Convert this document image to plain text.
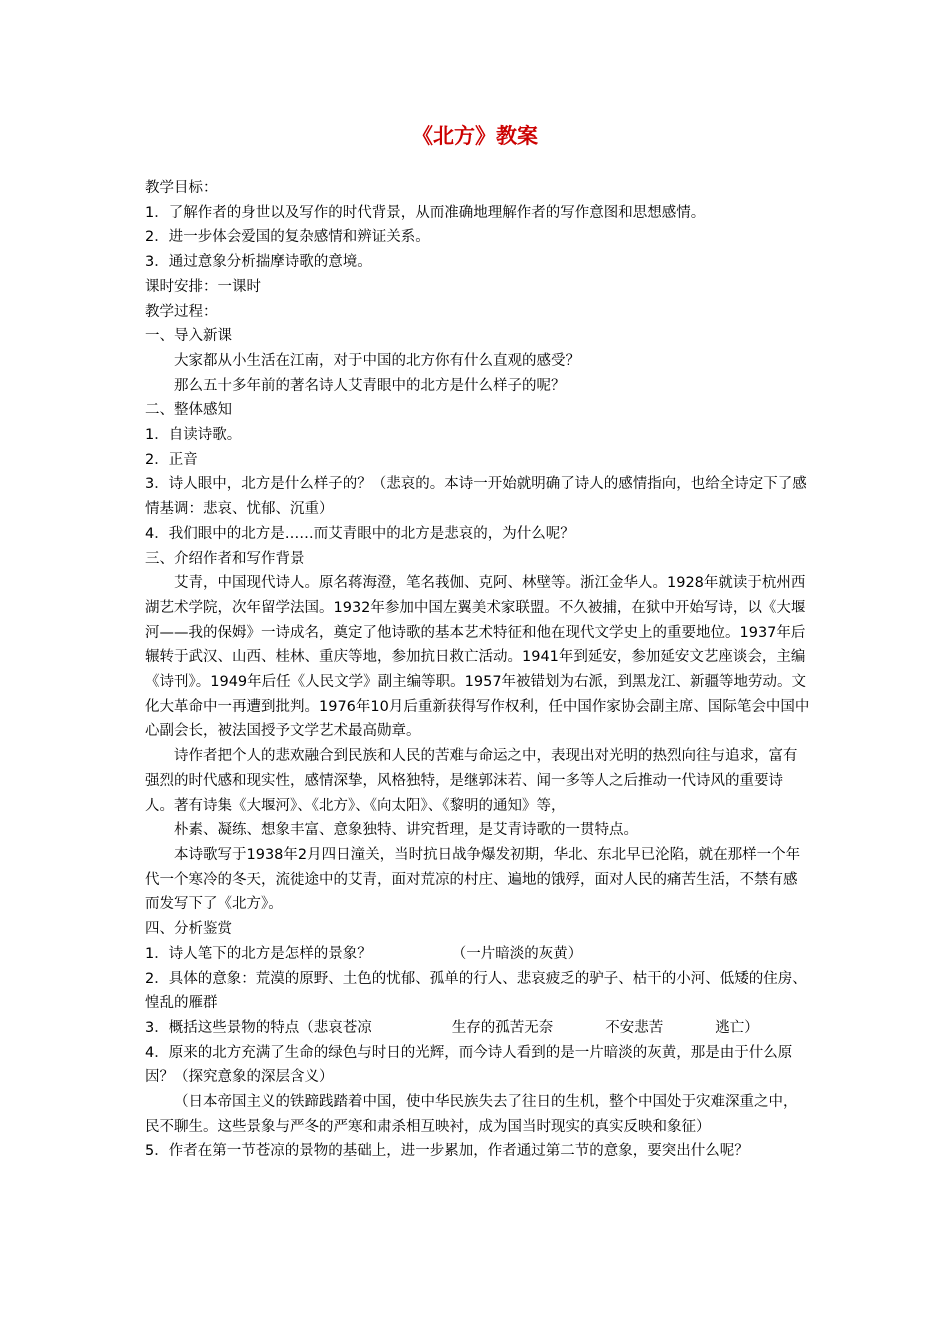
《北方》教案

教学目标：

1．了解作者的身世以及写作的时代背景，从而准确地理解作者的写作意图和思想感情。

2．进一步体会爱国的复杂感情和辨证关系。

3．通过意象分析揣摩诗歌的意境。

课时安排：一课时

教学过程：

一、导入新课

大家都从小生活在江南，对于中国的北方你有什么直观的感受？

那么五十多年前的著名诗人艾青眼中的北方是什么样子的呢？

二、整体感知

1．自读诗歌。

2．正音

3．诗人眼中，北方是什么样子的？（悲哀的。本诗一开始就明确了诗人的感情指向，也给全诗定下了感情基调：悲哀、忧郁、沉重）

4．我们眼中的北方是……而艾青眼中的北方是悲哀的，为什么呢？

三、介绍作者和写作背景

艾青，中国现代诗人。原名蒋海澄，笔名莪伽、克阿、林壁等。浙江金华人。1928年就读于杭州西湖艺术学院，次年留学法国。1932年参加中国左翼美术家联盟。不久被捕，在狱中开始写诗，以《大堰河——我的保姆》一诗成名，奠定了他诗歌的基本艺术特征和他在现代文学史上的重要地位。1937年后辗转于武汉、山西、桂林、重庆等地，参加抗日救亡活动。1941年到延安，参加延安文艺座谈会，主编《诗刊》。1949年后任《人民文学》副主编等职。1957年被错划为右派，到黑龙江、新疆等地劳动。文化大革命中一再遭到批判。1976年10月后重新获得写作权利，任中国作家协会副主席、国际笔会中国中心副会长，被法国授予文学艺术最高勋章。

诗作者把个人的悲欢融合到民族和人民的苦难与命运之中，表现出对光明的热烈向往与追求，富有强烈的时代感和现实性，感情深挚，风格独特，是继郭沫若、闻一多等人之后推动一代诗风的重要诗人。著有诗集《大堰河》、《北方》、《向太阳》、《黎明的通知》等，

朴素、凝练、想象丰富、意象独特、讲究哲理，是艾青诗歌的一贯特点。

本诗歌写于1938年2月四日潼关，当时抗日战争爆发初期，华北、东北早已沦陷，就在那样一个年代一个寒冷的冬天，流徙途中的艾青，面对荒凉的村庄、遍地的饿殍，面对人民的痛苦生活，不禁有感而发写下了《北方》。

四、分析鉴赏

1．诗人笔下的北方是怎样的景象？	（一片暗淡的灰黄）

2．具体的意象：荒漠的原野、土色的忧郁、孤单的行人、悲哀疲乏的驴子、枯干的小河、低矮的住房、惶乱的雁群

3．概括这些景物的特点（悲哀苍凉	生存的孤苦无奈	不安悲苦	逃亡）

4．原来的北方充满了生命的绿色与时日的光辉，而今诗人看到的是一片暗淡的灰黄，那是由于什么原因？（探究意象的深层含义）

（日本帝国主义的铁蹄践踏着中国，使中华民族失去了往日的生机，整个中国处于灾难深重之中，民不聊生。这些景象与严冬的严寒和肃杀相互映衬，成为国当时现实的真实反映和象征）

5．作者在第一节苍凉的景物的基础上，进一步累加，作者通过第二节的意象，要突出什么呢？
